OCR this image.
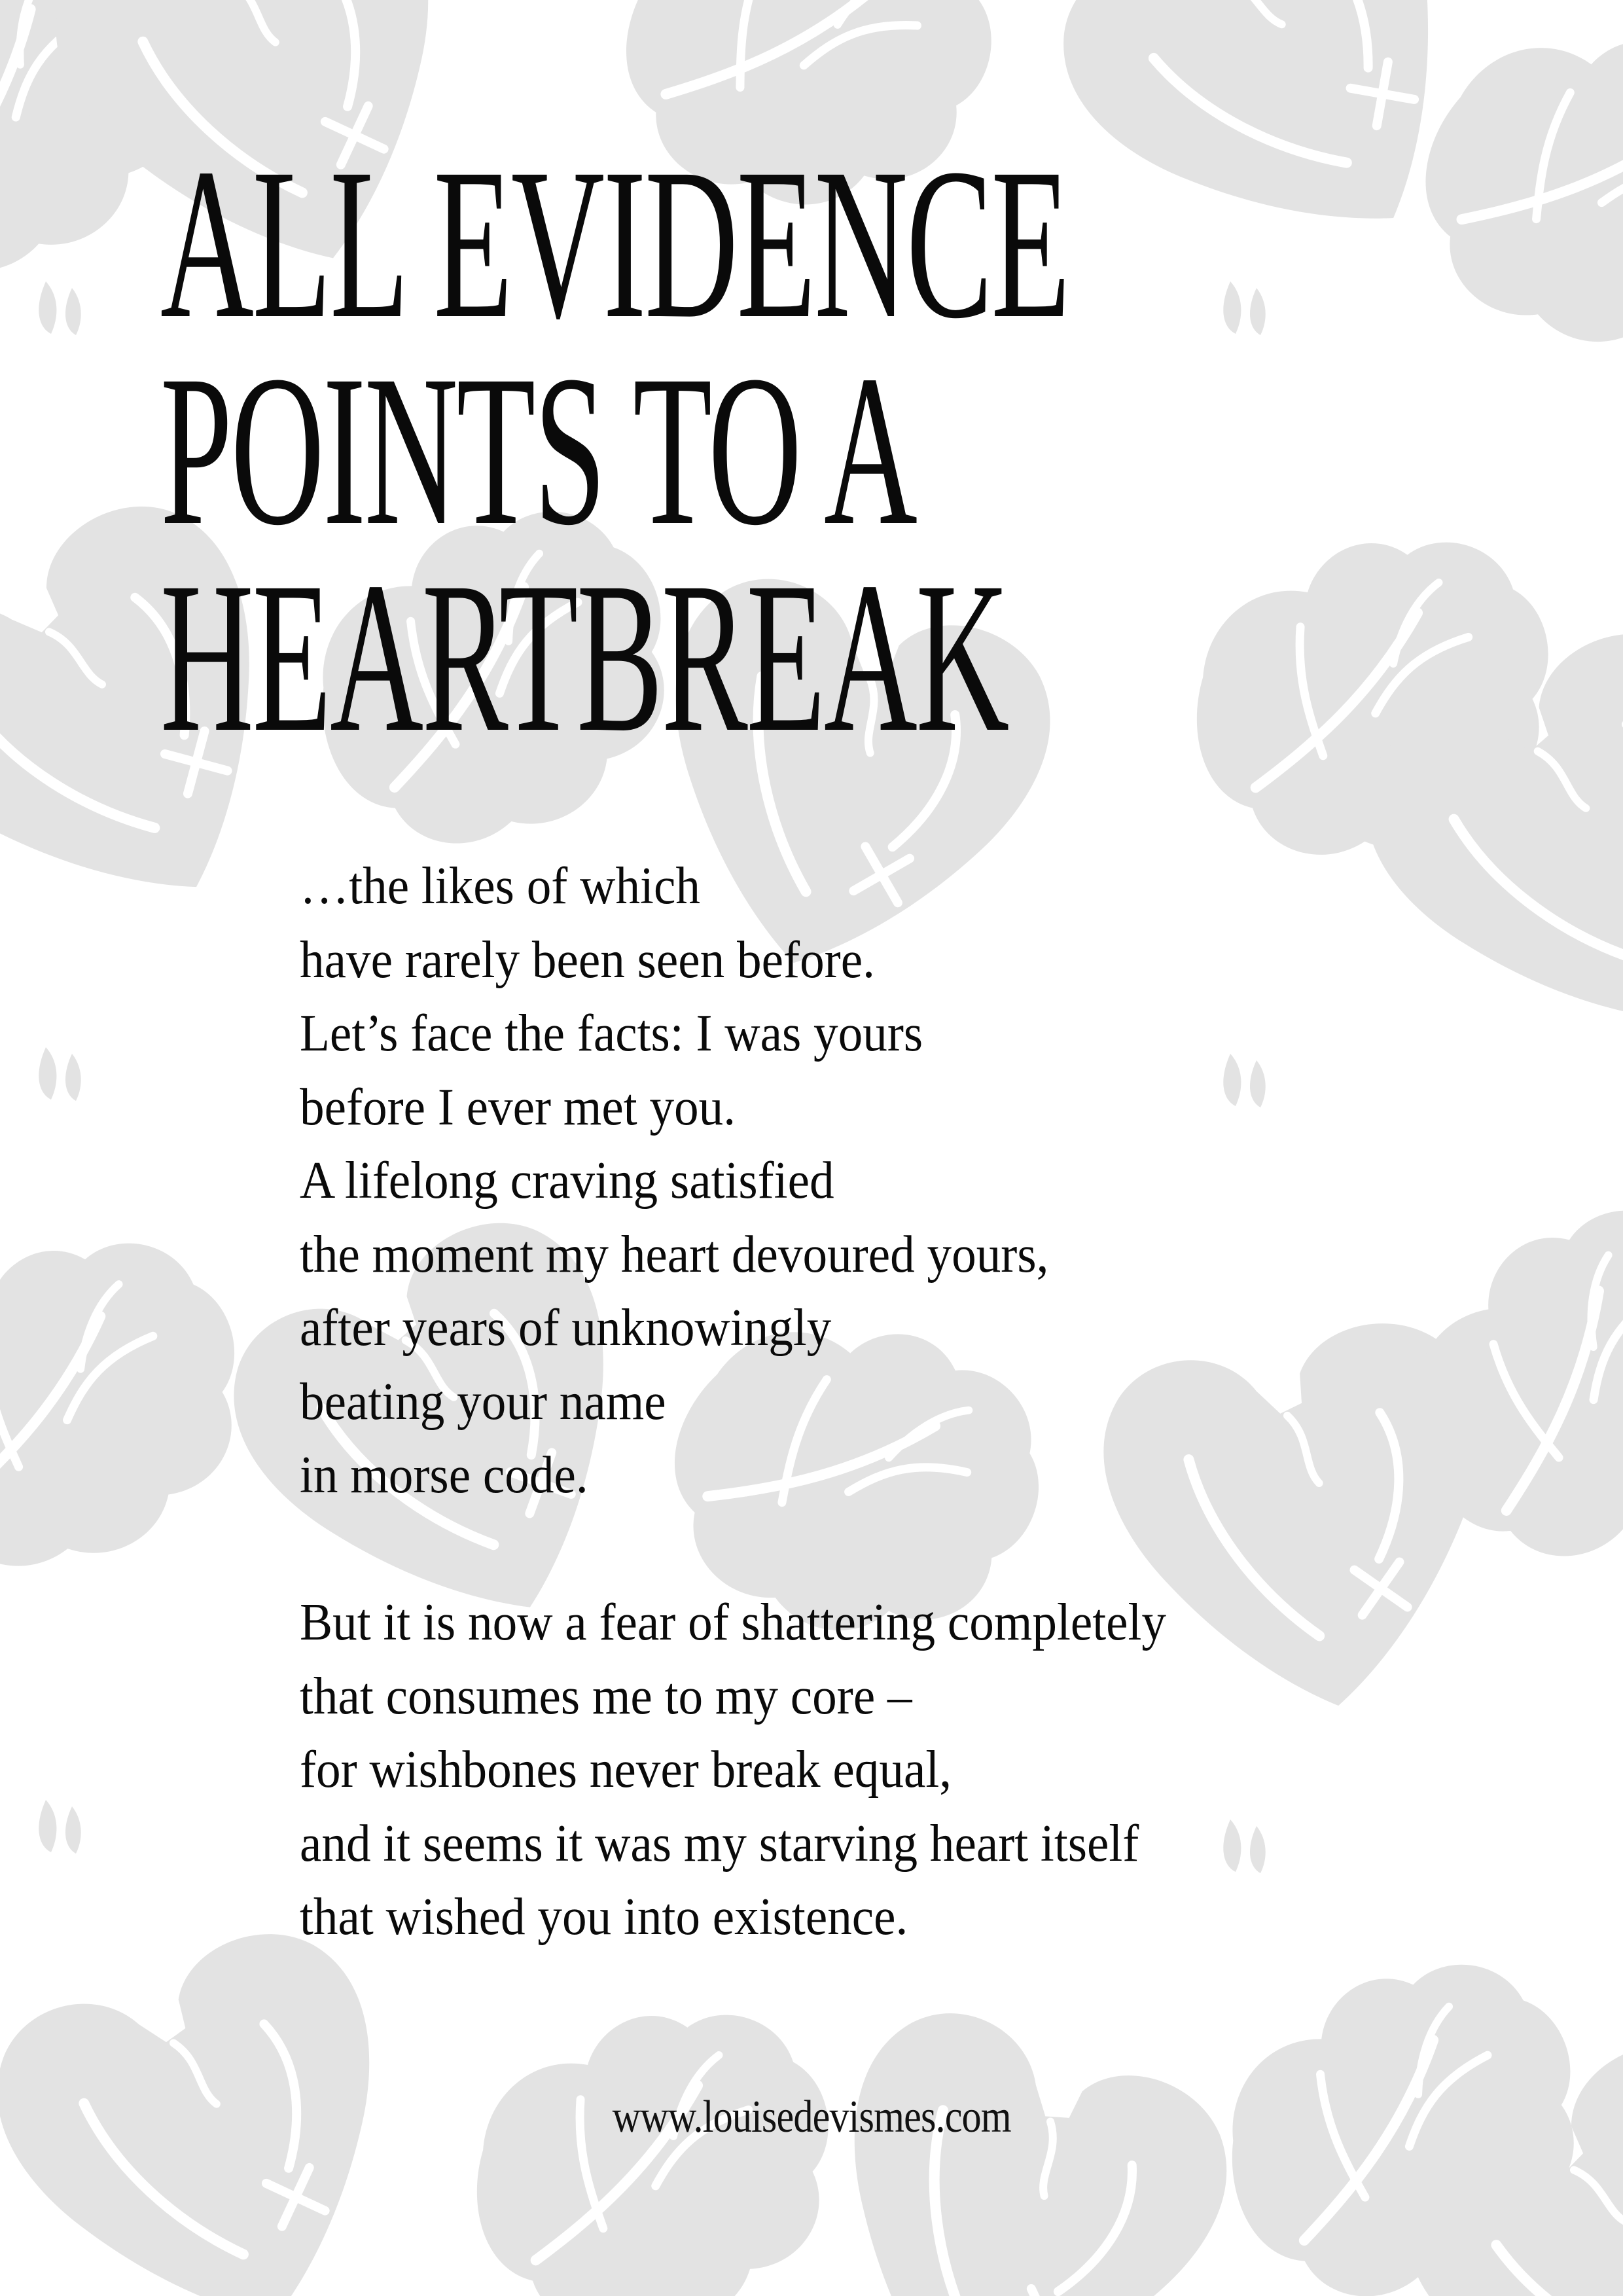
ALL EVIDENCE
POINTS TO A
HEARTBREAK
…the likes of which
have rarely been seen before.
Let’s face the facts: I was yours
before I ever met you.
A lifelong craving satisfied
the moment my heart devoured yours,
after years of unknowingly
beating your name
in morse code.
But it is now a fear of shattering completely
that consumes me to my core –
for wishbones never break equal,
and it seems it was my starving heart itself
that wished you into existence.
www.louisedevismes.com
